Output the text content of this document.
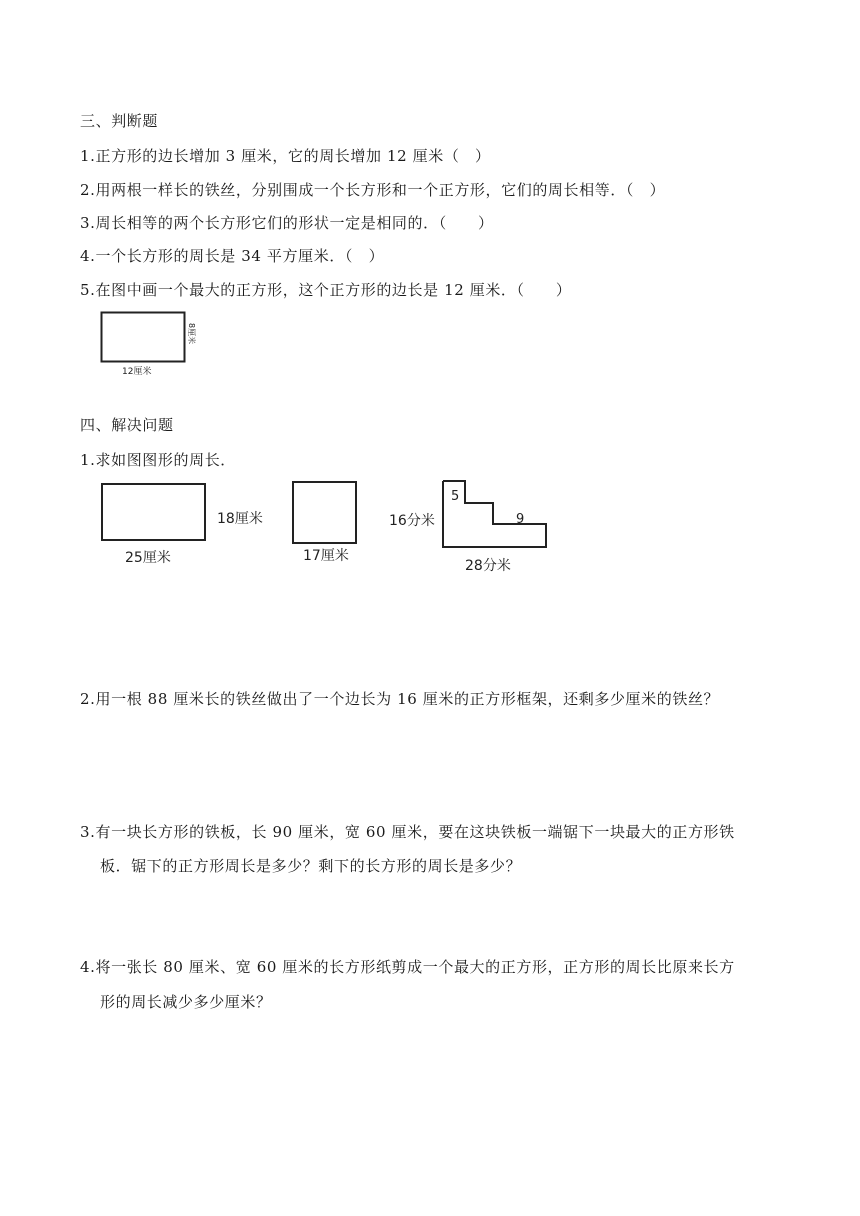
三、判断题
1.正方形的边长增加 3 厘米，它的周长增加 12 厘米（　）
2.用两根一样长的铁丝，分别围成一个长方形和一个正方形，它们的周长相等．（　）
3.周长相等的两个长方形它们的形状一定是相同的．（　　）
4.一个长方形的周长是 34 平方厘米．（　）
5.在图中画一个最大的正方形，这个正方形的边长是 12 厘米．（　　）
12厘米
8厘米
四、解决问题
1.求如图图形的周长．
18厘米
25厘米	17厘米
16分米
5
9
28分米
2.用一根 88 厘米长的铁丝做出了一个边长为 16 厘米的正方形框架，还剩多少厘米的铁丝？
3.有一块长方形的铁板，长 90 厘米，宽 60 厘米，要在这块铁板一端锯下一块最大的正方形铁
板．锯下的正方形周长是多少？剩下的长方形的周长是多少？
4.将一张长 80 厘米、宽 60 厘米的长方形纸剪成一个最大的正方形，正方形的周长比原来长方
形的周长减少多少厘米？
